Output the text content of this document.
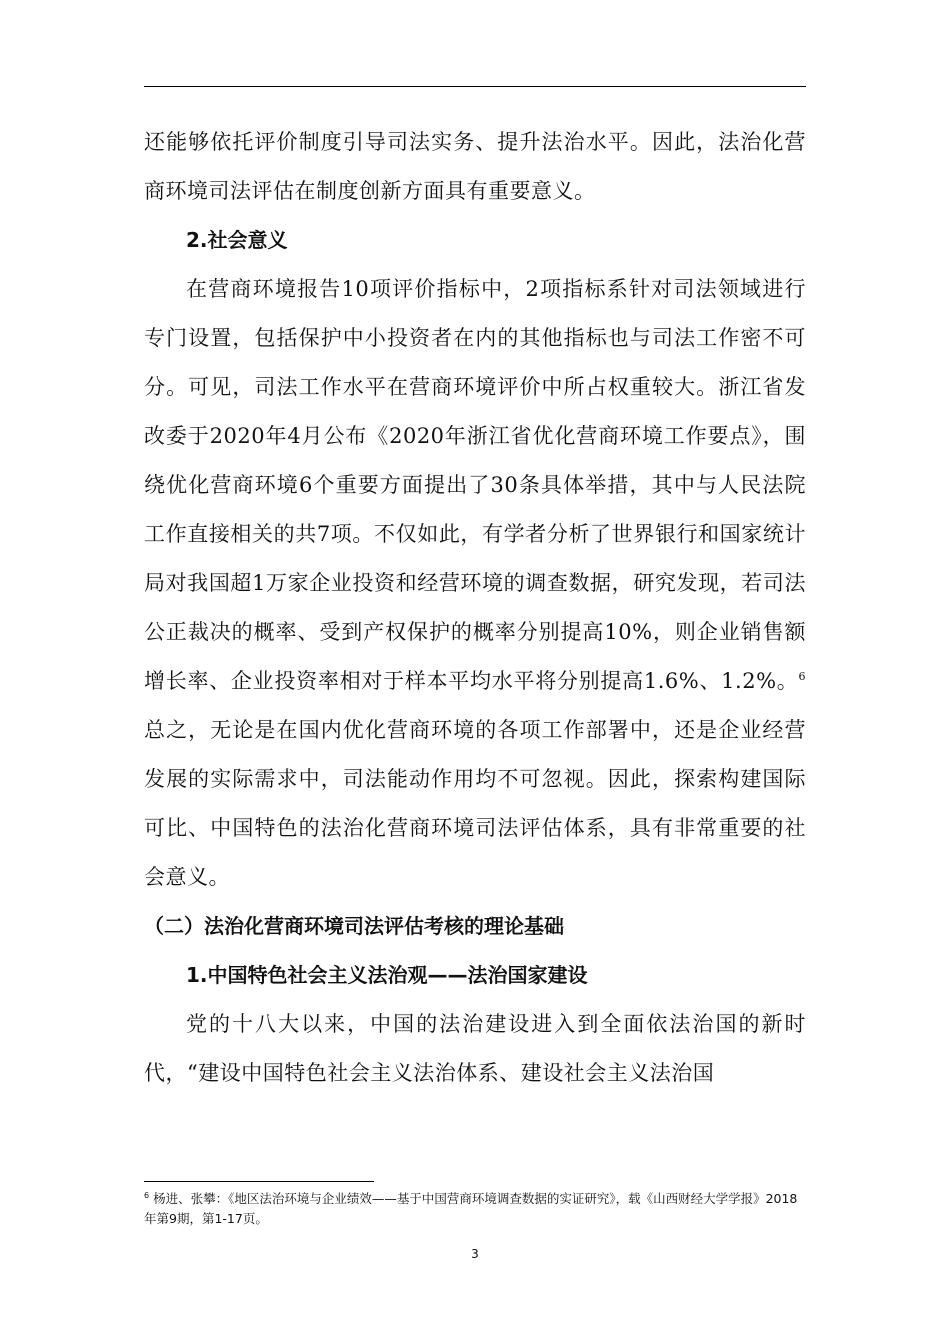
还能够依托评价制度引导司法实务、提升法治水平。因此，法治化营商环境司法评估在制度创新方面具有重要意义。

2.社会意义

在营商环境报告10项评价指标中，2项指标系针对司法领域进行专门设置，包括保护中小投资者在内的其他指标也与司法工作密不可分。可见，司法工作水平在营商环境评价中所占权重较大。浙江省发改委于2020年4月公布《2020年浙江省优化营商环境工作要点》，围绕优化营商环境6个重要方面提出了30条具体举措，其中与人民法院工作直接相关的共7项。不仅如此，有学者分析了世界银行和国家统计局对我国超1万家企业投资和经营环境的调查数据，研究发现，若司法公正裁决的概率、受到产权保护的概率分别提高10%，则企业销售额增长率、企业投资率相对于样本平均水平将分别提高1.6%、1.2%。$^6$总之，无论是在国内优化营商环境的各项工作部署中，还是企业经营发展的实际需求中，司法能动作用均不可忽视。因此，探索构建国际可比、中国特色的法治化营商环境司法评估体系，具有非常重要的社会意义。

（二）法治化营商环境司法评估考核的理论基础
1.中国特色社会主义法治观——法治国家建设

党的十八大以来，中国的法治建设进入到全面依法治国的新时代，“建设中国特色社会主义法治体系、建设社会主义法治国

$^6$ 杨进、张攀：《地区法治环境与企业绩效——基于中国营商环境调查数据的实证研究》，载《山西财经大学学报》2018年第9期，第1-17页。
3
